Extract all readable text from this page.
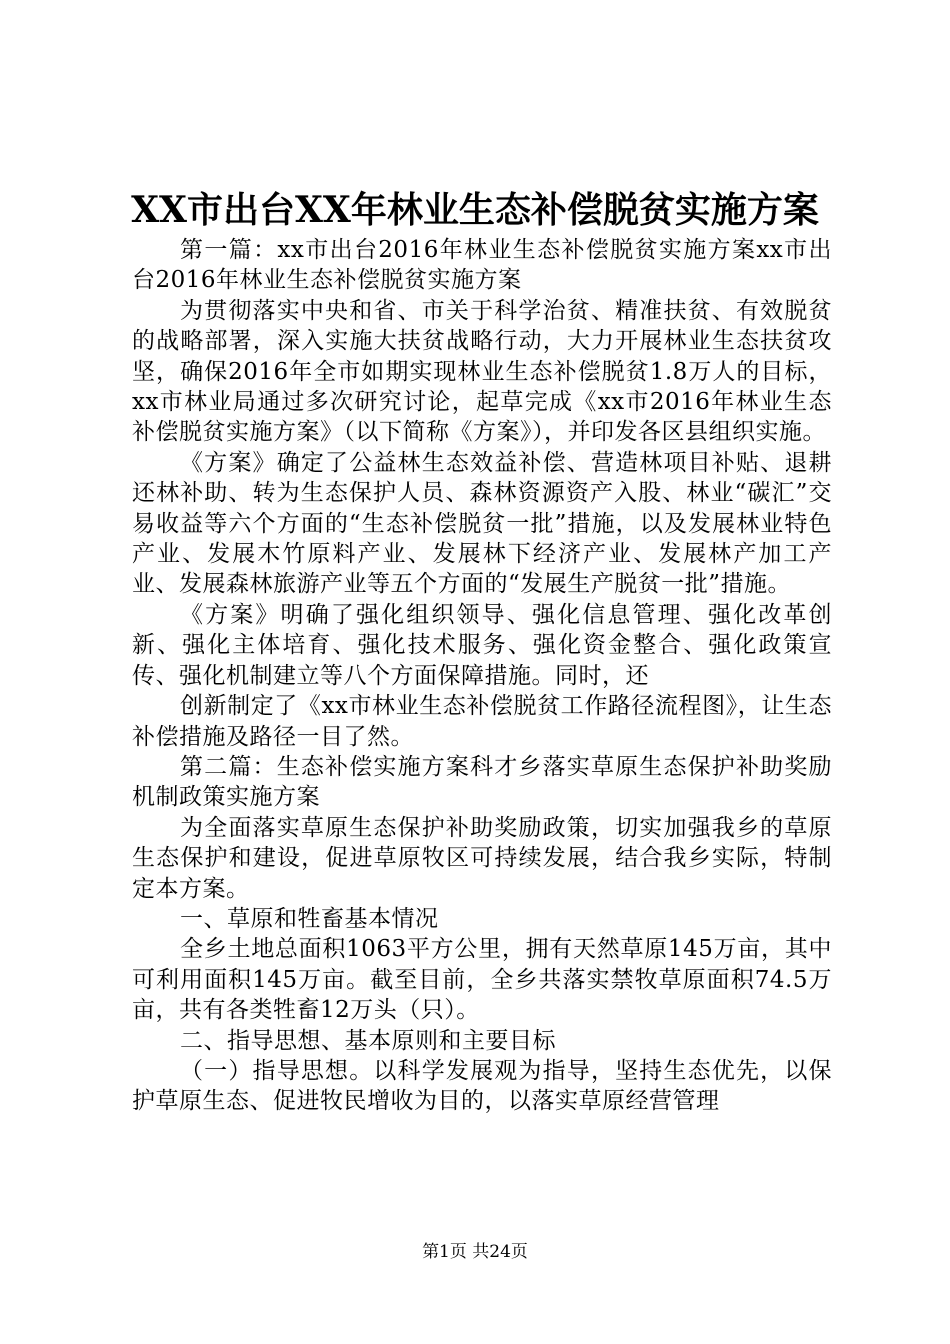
XX市出台XX年林业生态补偿脱贫实施方案

第一篇：xx市出台2016年林业生态补偿脱贫实施方案xx市出台2016年林业生态补偿脱贫实施方案

为贯彻落实中央和省、市关于科学治贫、精准扶贫、有效脱贫的战略部署，深入实施大扶贫战略行动，大力开展林业生态扶贫攻坚，确保2016年全市如期实现林业生态补偿脱贫1.8万人的目标，xx市林业局通过多次研究讨论，起草完成《xx市2016年林业生态补偿脱贫实施方案》（以下简称《方案》），并印发各区县组织实施。

《方案》确定了公益林生态效益补偿、营造林项目补贴、退耕还林补助、转为生态保护人员、森林资源资产入股、林业“碳汇”交易收益等六个方面的“生态补偿脱贫一批”措施，以及发展林业特色产业、发展木竹原料产业、发展林下经济产业、发展林产加工产业、发展森林旅游产业等五个方面的“发展生产脱贫一批”措施。

《方案》明确了强化组织领导、强化信息管理、强化改革创新、强化主体培育、强化技术服务、强化资金整合、强化政策宣传、强化机制建立等八个方面保障措施。同时，还

创新制定了《xx市林业生态补偿脱贫工作路径流程图》，让生态补偿措施及路径一目了然。

第二篇：生态补偿实施方案科才乡落实草原生态保护补助奖励机制政策实施方案

为全面落实草原生态保护补助奖励政策，切实加强我乡的草原生态保护和建设，促进草原牧区可持续发展，结合我乡实际，特制定本方案。

一、草原和牲畜基本情况

全乡土地总面积1063平方公里，拥有天然草原145万亩，其中可利用面积145万亩。截至目前，全乡共落实禁牧草原面积74.5万亩，共有各类牲畜12万头（只）。

二、指导思想、基本原则和主要目标

（一）指导思想。以科学发展观为指导，坚持生态优先，以保护草原生态、促进牧民增收为目的，以落实草原经营管理

第1页 共24页
